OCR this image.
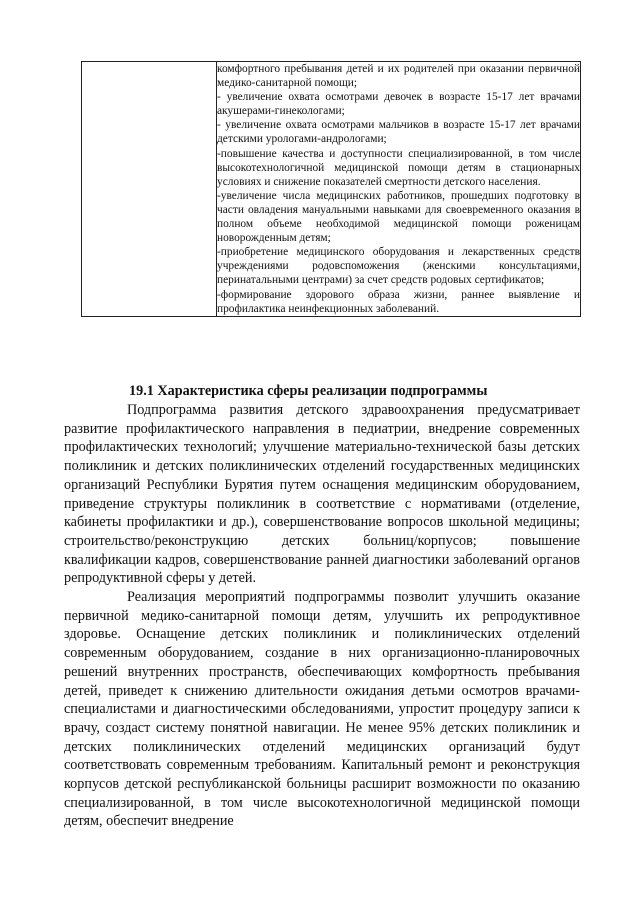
комфортного пребывания детей и их родителей при оказании первичной медико-санитарной помощи;

- увеличение охвата осмотрами девочек в возрасте 15-17 лет врачами акушерами-гинекологами;

- увеличение охвата осмотрами мальчиков в возрасте 15-17 лет врачами детскими урологами-андрологами;

-повышение качества и доступности специализированной, в том числе высокотехнологичной медицинской помощи детям в стационарных условиях и снижение показателей смертности детского населения.

-увеличение числа медицинских работников, прошедших подготовку в части овладения мануальными навыками для своевременного оказания в полном объеме необходимой медицинской помощи роженицам новорожденным детям;

-приобретение медицинского оборудования и лекарственных средств учреждениями родовспоможения (женскими консультациями, перинатальными центрами) за счет средств родовых сертификатов;

-формирование здорового образа жизни, раннее выявление и профилактика неинфекционных заболеваний.

19.1 Характеристика сферы реализации подпрограммы

Подпрограмма развития детского здравоохранения предусматривает развитие профилактического направления в педиатрии, внедрение современных профилактических технологий; улучшение материально-технической базы детских поликлиник и детских поликлинических отделений государственных медицинских организаций Республики Бурятия путем оснащения медицинским оборудованием, приведение структуры поликлиник в соответствие с нормативами (отделение, кабинеты профилактики и др.), совершенствование вопросов школьной медицины; строительство/реконструкцию детских больниц/корпусов; повышение квалификации кадров, совершенствование ранней диагностики заболеваний органов репродуктивной сферы у детей.

Реализация мероприятий подпрограммы позволит улучшить оказание первичной медико-санитарной помощи детям, улучшить их репродуктивное здоровье. Оснащение детских поликлиник и поликлинических отделений современным оборудованием, создание в них организационно-планировочных решений внутренних пространств, обеспечивающих комфортность пребывания детей, приведет к снижению длительности ожидания детьми осмотров врачами-специалистами и диагностическими обследованиями, упростит процедуру записи к врачу, создаст систему понятной навигации. Не менее 95% детских поликлиник и детских поликлинических отделений медицинских организаций будут соответствовать современным требованиям. Капитальный ремонт и реконструкция корпусов детской республиканской больницы расширит возможности по оказанию специализированной, в том числе высокотехнологичной медицинской помощи детям, обеспечит внедрение
